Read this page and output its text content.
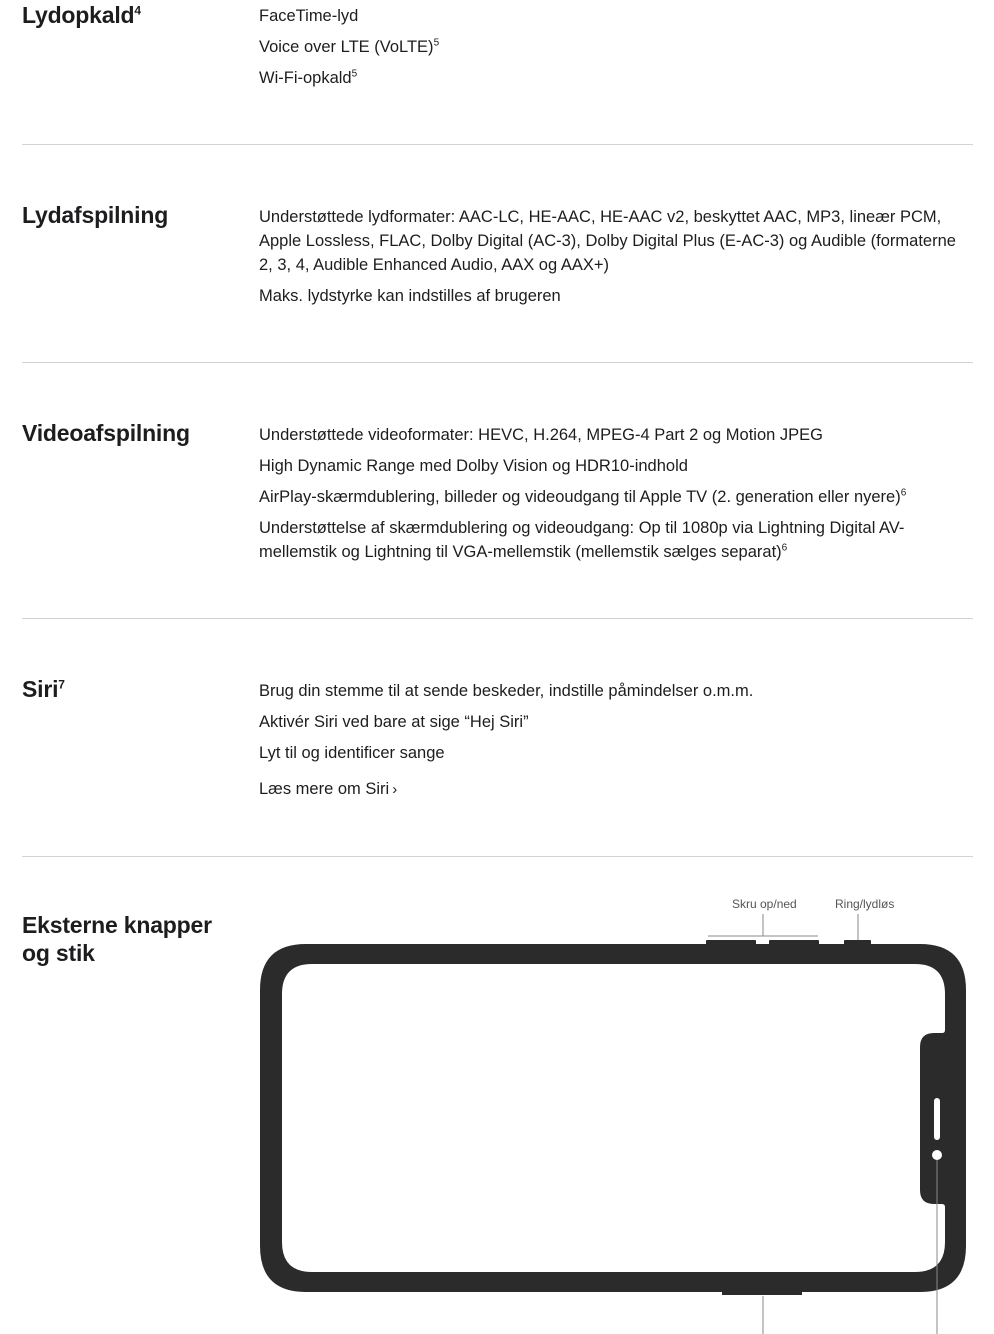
Lydopkald$^4$	FaceTime-lyd
Voice over LTE (VoLTE)$^5$
Wi-Fi-opkald$^5$
Lydafspilning	Understøttede lydformater: AAC-LC, HE-AAC, HE-AAC v2, beskyttet AAC, MP3, lineær PCM, Apple Lossless, FLAC, Dolby Digital (AC-3), Dolby Digital Plus (E-AC-3) og Audible (formaterne 2, 3, 4, Audible Enhanced Audio, AAX og AAX+)
Maks. lydstyrke kan indstilles af brugeren
Videoafspilning	Understøttede videoformater: HEVC, H.264, MPEG-4 Part 2 og Motion JPEG
High Dynamic Range med Dolby Vision og HDR10-indhold
AirPlay-skærmdublering, billeder og videoudgang til Apple TV (2. generation eller nyere)$^6$
Understøttelse af skærmdublering og videoudgang: Op til 1080p via Lightning Digital AV-mellemstik og Lightning til VGA-mellemstik (mellemstik sælges separat)$^6$
Siri$^7$	Brug din stemme til at sende beskeder, indstille påmindelser o.m.m.
Aktivér Siri ved bare at sige “Hej Siri”
Lyt til og identificer sange
Læs mere om Siri ›
Eksterne knapper og stik
Skru op/ned	Ring/lydløs
